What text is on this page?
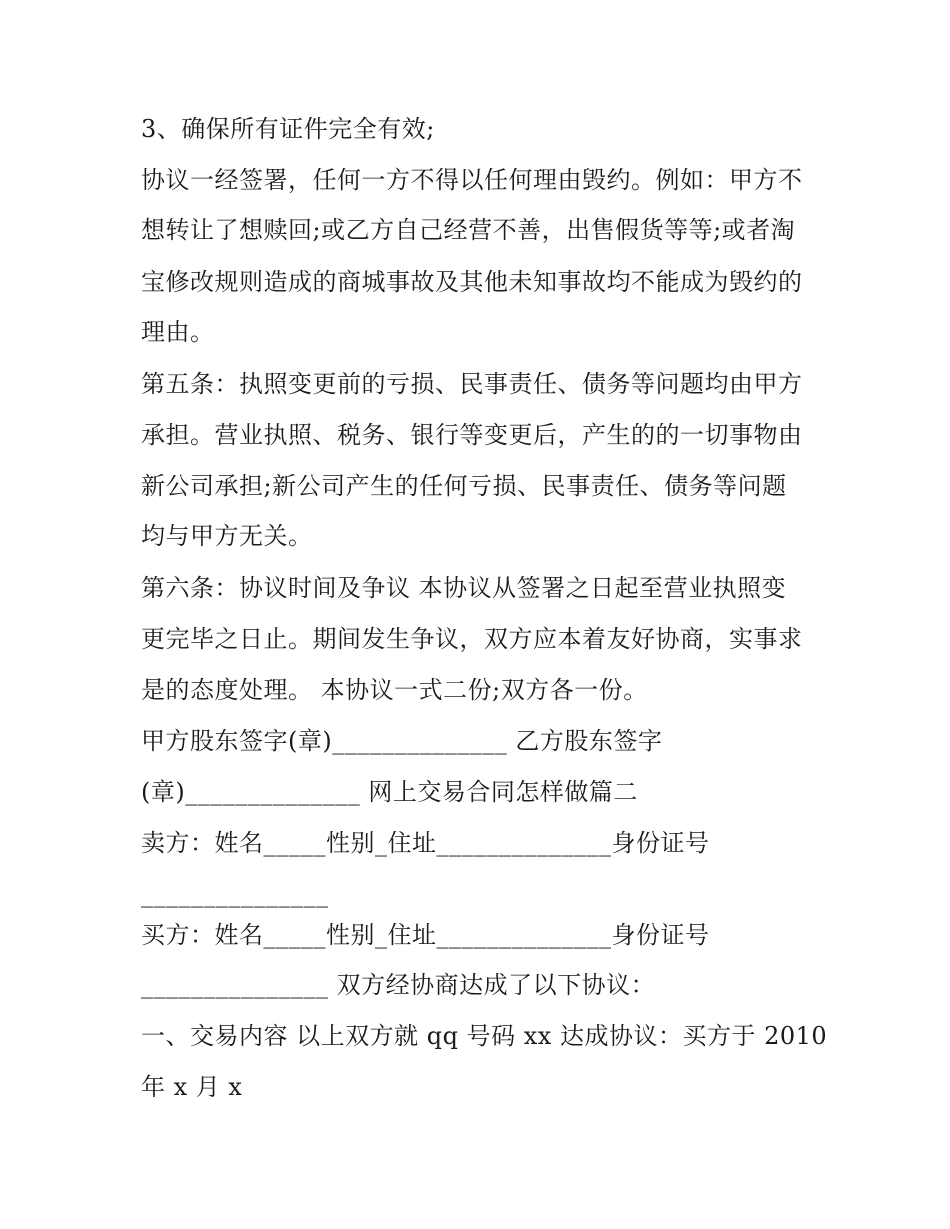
3、确保所有证件完全有效;
协议一经签署，任何一方不得以任何理由毁约。例如：甲方不
想转让了想赎回;或乙方自己经营不善，出售假货等等;或者淘
宝修改规则造成的商城事故及其他未知事故均不能成为毁约的
理由。
第五条：执照变更前的亏损、民事责任、债务等问题均由甲方
承担。营业执照、税务、银行等变更后，产生的的一切事物由
新公司承担;新公司产生的任何亏损、民事责任、债务等问题
均与甲方无关。
第六条：协议时间及争议 本协议从签署之日起至营业执照变
更完毕之日止。期间发生争议，双方应本着友好协商，实事求
是的态度处理。 本协议一式二份;双方各一份。
甲方股东签字(章)______________ 乙方股东签字
(章)______________ 网上交易合同怎样做篇二
卖方：姓名_____性别_住址______________身份证号
_______________
买方：姓名_____性别_住址______________身份证号
_______________ 双方经协商达成了以下协议：
一、交易内容 以上双方就 qq 号码 xx 达成协议：买方于 2010
年 x 月 x
